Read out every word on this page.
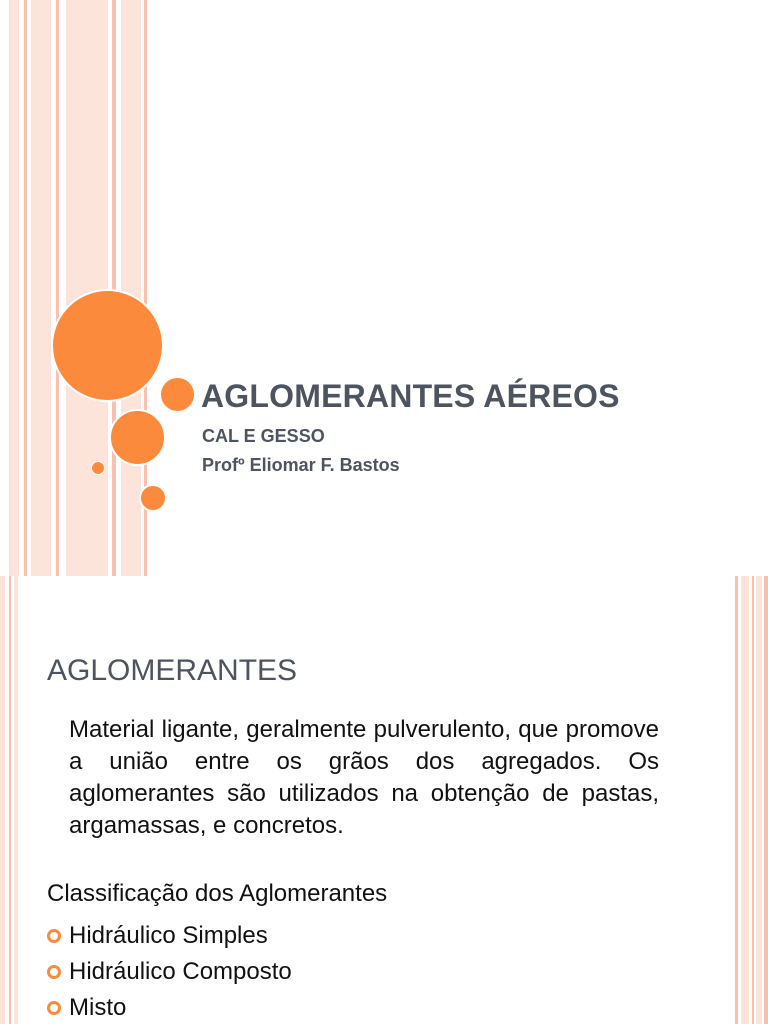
AGLOMERANTES AÉREOS
CAL E GESSO
Profº Eliomar F. Bastos
AGLOMERANTES
Material ligante, geralmente pulverulento, que promove a união entre os grãos dos agregados. Os aglomerantes são utilizados na obtenção de pastas, argamassas, e concretos.
Classificação dos Aglomerantes
Hidráulico Simples
Hidráulico Composto
Misto
